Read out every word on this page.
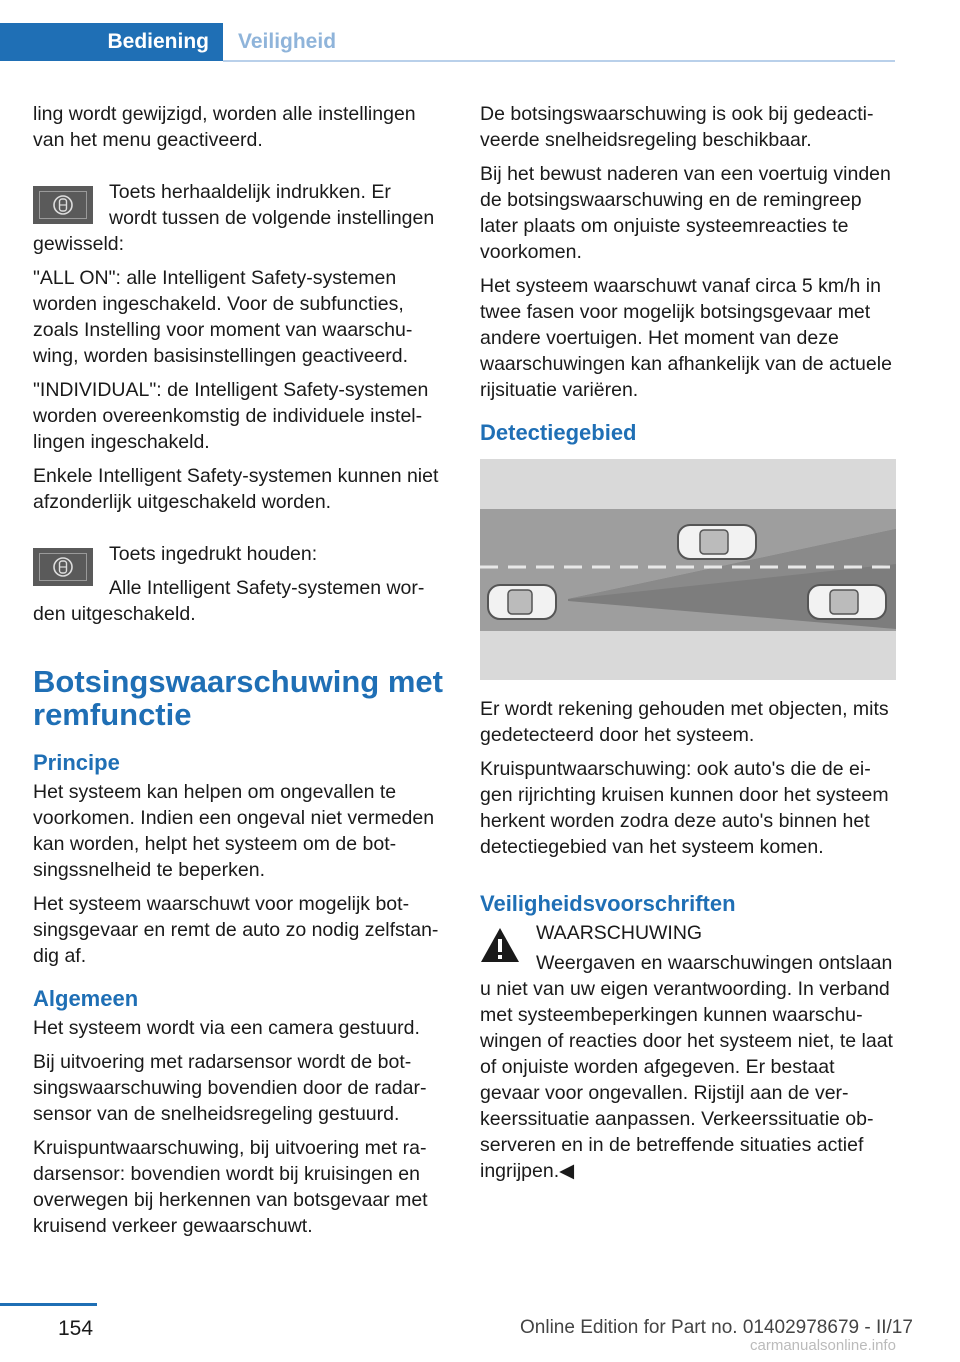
Bediening	Veiligheid

ling wordt gewijzigd, worden alle instellingen van het menu geactiveerd.

Toets herhaaldelijk indrukken. Er wordt tussen de volgende instellingen gewisseld:

"ALL ON": alle Intelligent Safety-systemen worden ingeschakeld. Voor de subfuncties, zoals Instelling voor moment van waarschuwing, worden basisinstellingen geactiveerd.

"INDIVIDUAL": de Intelligent Safety-systemen worden overeenkomstig de individuele instellingen ingeschakeld.

Enkele Intelligent Safety-systemen kunnen niet afzonderlijk uitgeschakeld worden.

Toets ingedrukt houden:

Alle Intelligent Safety-systemen worden uitgeschakeld.

Botsingswaarschuwing met remfunctie
Principe

Het systeem kan helpen om ongevallen te voorkomen. Indien een ongeval niet vermeden kan worden, helpt het systeem om de botsingssnelheid te beperken.

Het systeem waarschuwt voor mogelijk botsingsgevaar en remt de auto zo nodig zelfstandig af.

Algemeen

Het systeem wordt via een camera gestuurd.

Bij uitvoering met radarsensor wordt de botsingswaarschuwing bovendien door de radarsensor van de snelheidsregeling gestuurd.

Kruispuntwaarschuwing, bij uitvoering met radarsensor: bovendien wordt bij kruisingen en overwegen bij herkennen van botsgevaar met kruisend verkeer gewaarschuwt.

De botsingswaarschuwing is ook bij gedeactiveerde snelheidsregeling beschikbaar.

Bij het bewust naderen van een voertuig vinden de botsingswaarschuwing en de remingreep later plaats om onjuiste systeemreacties te voorkomen.

Het systeem waarschuwt vanaf circa 5 km/h in twee fasen voor mogelijk botsingsgevaar met andere voertuigen. Het moment van deze waarschuwingen kan afhankelijk van de actuele rijsituatie variëren.

Detectiegebied

Er wordt rekening gehouden met objecten, mits gedetecteerd door het systeem.

Kruispuntwaarschuwing: ook auto's die de eigen rijrichting kruisen kunnen door het systeem herkent worden zodra deze auto's binnen het detectiegebied van het systeem komen.

Veiligheidsvoorschriften

WAARSCHUWING

Weergaven en waarschuwingen ontslaan u niet van uw eigen verantwoording. In verband met systeembeperkingen kunnen waarschuwingen of reacties door het systeem niet, te laat of onjuiste worden afgegeven. Er bestaat gevaar voor ongevallen. Rijstijl aan de verkeerssituatie aanpassen. Verkeerssituatie observeren en in de betreffende situaties actief ingrijpen.◀

154	Online Edition for Part no. 01402978679 - II/17
carmanualsonline.info
